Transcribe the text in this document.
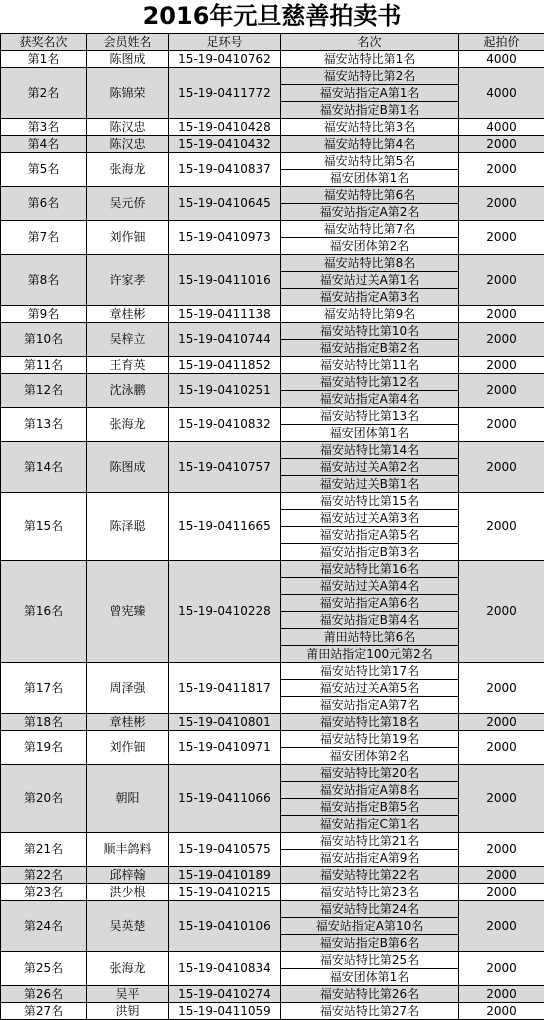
2016年元旦慈善拍卖书
获奖名次	会员姓名	足环号	名次	起拍价
第1名	陈图成	15-19-0410762	福安站特比第1名	4000
第2名	陈锦荣	15-19-0411772	福安站特比第2名	4000
			福安站指定A第1名	
			福安站指定B第1名	
第3名	陈汉忠	15-19-0410428	福安站特比第3名	4000
第4名	陈汉忠	15-19-0410432	福安站特比第4名	2000
第5名	张海龙	15-19-0410837	福安站特比第5名	2000
			福安团体第1名	
第6名	吴元侨	15-19-0410645	福安站特比第6名	2000
			福安站指定A第2名	
第7名	刘作钿	15-19-0410973	福安站特比第7名	2000
			福安团体第2名	
第8名	许家孝	15-19-0411016	福安站特比第8名	2000
			福安站过关A第1名	
			福安站指定A第3名	
第9名	章桂彬	15-19-0411138	福安站特比第9名	2000
第10名	吴梓立	15-19-0410744	福安站特比第10名	2000
			福安站指定B第2名	
第11名	王育英	15-19-0411852	福安站特比第11名	2000
第12名	沈泳鹏	15-19-0410251	福安站特比第12名	2000
			福安站指定A第4名	
第13名	张海龙	15-19-0410832	福安站特比第13名	2000
			福安团体第1名	
第14名	陈图成	15-19-0410757	福安站特比第14名	2000
			福安站过关A第2名	
			福安站过关B第1名	
第15名	陈泽聪	15-19-0411665	福安站特比第15名	2000
			福安站过关A第3名	
			福安站指定A第5名	
			福安站指定B第3名	
第16名	曾宪臻	15-19-0410228	福安站特比第16名	2000
			福安站过关A第4名	
			福安站指定A第6名	
			福安站指定B第4名	
			莆田站特比第6名	
			莆田站指定100元第2名	
第17名	周泽强	15-19-0411817	福安站特比第17名	2000
			福安站过关A第5名	
			福安站指定A第7名	
第18名	章桂彬	15-19-0410801	福安站特比第18名	2000
第19名	刘作钿	15-19-0410971	福安站特比第19名	2000
			福安团体第2名	
第20名	朝阳	15-19-0411066	福安站特比第20名	2000
			福安站指定A第8名	
			福安站指定B第5名	
			福安站指定C第1名	
第21名	顺丰鸽料	15-19-0410575	福安站特比第21名	2000
			福安站指定A第9名	
第22名	邱梓翰	15-19-0410189	福安站特比第22名	2000
第23名	洪少根	15-19-0410215	福安站特比第23名	2000
第24名	吴英楚	15-19-0410106	福安站特比第24名	2000
			福安站指定A第10名	
			福安站指定B第6名	
第25名	张海龙	15-19-0410834	福安站特比第25名	2000
			福安团体第1名	
第26名	吴平	15-19-0410274	福安站特比第26名	2000
第27名	洪钥	15-19-0411059	福安站特比第27名	2000
